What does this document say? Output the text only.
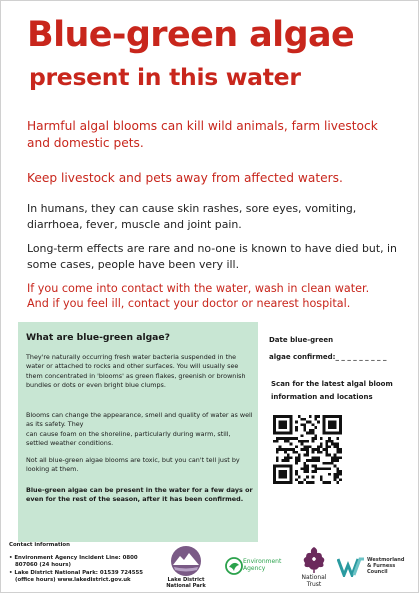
Blue-green algae
present in this water
Harmful algal blooms can kill wild animals, farm livestock and domestic pets.
Keep livestock and pets away from affected waters.
In humans, they can cause skin rashes, sore eyes, vomiting, diarrhoea, fever, muscle and joint pain.
Long-term effects are rare and no-one is known to have died but, in some cases, people have been very ill.
If you come into contact with the water, wash in clean water.
And if you feel ill, contact your doctor or nearest hospital.
What are blue-green algae?

They're naturally occurring fresh water bacteria suspended in the water or attached to rocks and other surfaces. You will usually see them concentrated in 'blooms' as green flakes, greenish or brownish bundles or dots or even bright blue clumps.

Blooms can change the appearance, smell and quality of water as well as its safety. They

can cause foam on the shoreline, particularly during warm, still, settled weather conditions.

Not all blue-green algae blooms are toxic, but you can't tell just by looking at them.

Blue-green algae can be present in the water for a few days or even for the rest of the season, after it has been confirmed.

Date blue-green
algae confirmed:_ _ _ _ _ _ _ _ _
Scan for the latest algal bloom
information and locations
Contact information
• Environment Agency Incident Line: 0800
807060 (24 hours)
• Lake District National Park: 01539 724555
(office hours) www.lakedistrict.gov.uk	Lake District
National Park
Environment
Agency
National
Trust
Westmorland
& Furness
Council
